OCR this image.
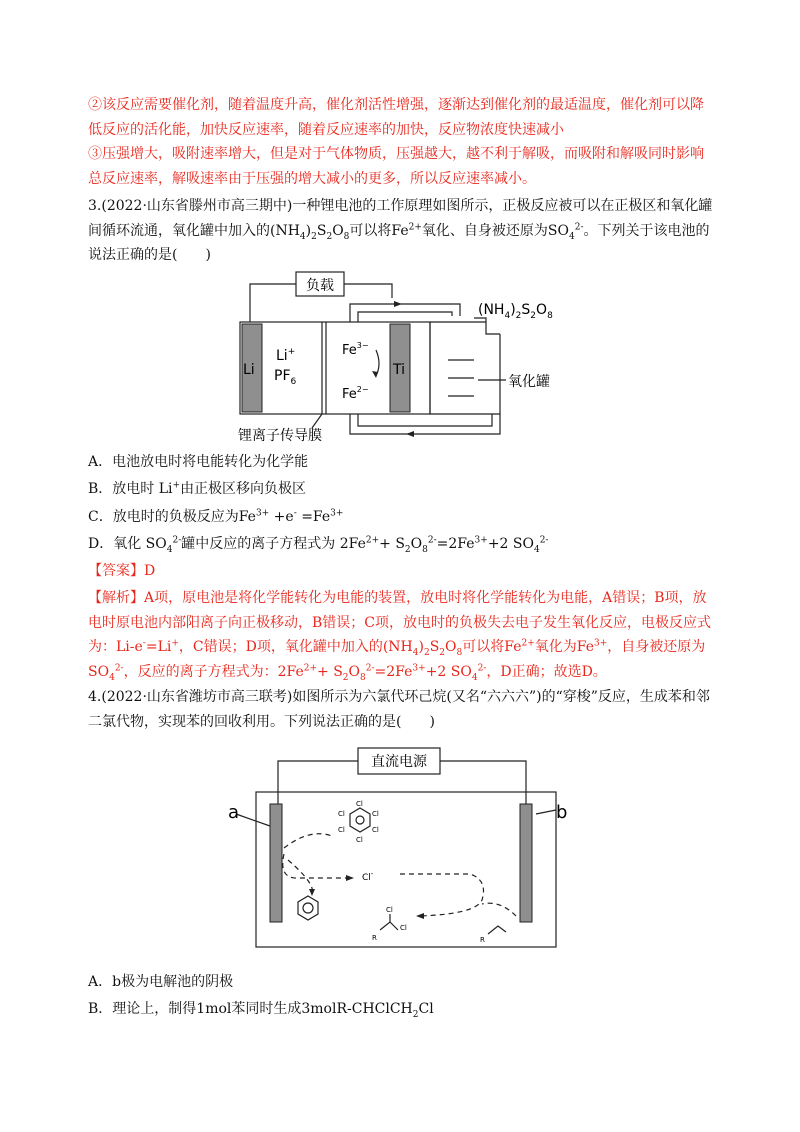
②该反应需要催化剂，随着温度升高，催化剂活性增强，逐渐达到催化剂的最适温度，催化剂可以降低反应的活化能，加快反应速率，随着反应速率的加快，反应物浓度快速减小

③压强增大，吸附速率增大，但是对于气体物质，压强越大，越不利于解吸，而吸附和解吸同时影响总反应速率，解吸速率由于压强的增大减小的更多，所以反应速率减小。

3.(2022·山东省滕州市高三期中)一种锂电池的工作原理如图所示，正极反应被可以在正极区和氧化罐间循环流通，氧化罐中加入的$(NH_4)_2S_2O_8$可以将$Fe^{2+}$氧化、自身被还原为$SO_4^{2-}$。下列关于该电池的说法正确的是(　　)

负载
Li
Li+
$PF_6$
$Fe^{3-}$
$Fe^{2-}$
Ti
$(NH_4)_2S_2O_8$
氧化罐
锂离子传导膜

A．电池放电时将电能转化为化学能

B．放电时 Li+由正极区移向负极区

C．放电时的负极反应为$Fe^{3+} +e^- =Fe^{3+}$

D．氧化 $SO_4^{2-}$罐中反应的离子方程式为 $2Fe^{2+}+ S_2O_8^{2-}=2Fe^{3+}+2$ $SO_4^{2-}$

【答案】D

【解析】A项，原电池是将化学能转化为电能的装置，放电时将化学能转化为电能，A错误；B项，放电时原电池内部阳离子向正极移动，B错误；C项，放电时的负极失去电子发生氧化反应，电极反应式为：Li-e-=Li+，C错误；D项，氧化罐中加入的$(NH_4)_2S_2O_8$可以将$Fe^{2+}$氧化为$Fe^{3+}$，自身被还原为$SO_4^{2-}$，反应的离子方程式为：$2Fe^{2+}+ S_2O_8^{2-}=2Fe^{3+}+2$ $SO_4^{2-}$，D正确；故选D。

4.(2022·山东省潍坊市高三联考)如图所示为六氯代环己烷(又名“六六六”)的“穿梭”反应，生成苯和邻二氯代物，实现苯的回收利用。下列说法正确的是(　　)

直流电源
a	b
Cl
Cl	Cl
Cl	Cl
Cl
Cl-
Cl
Cl
R	R

A．b极为电解池的阴极

B．理论上，制得1mol苯同时生成3molR-CHClCH$_2$Cl
